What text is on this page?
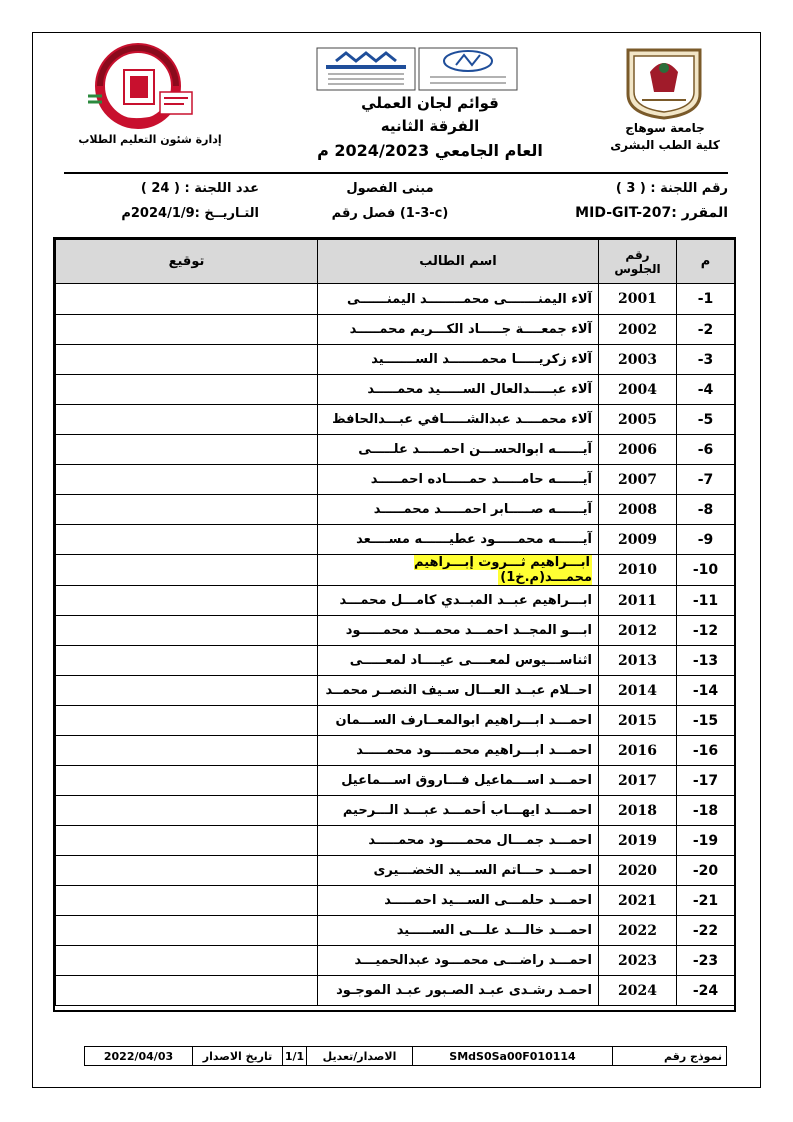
قوائم لجان العملي
الفرقة الثانيه
العام الجامعي 2024/2023 م
جامعة سوهاج
كلية الطب البشرى
إدارة شئون التعليم الطلاب
رقم اللجنة : ( 3 )
مبنى الفصول
عدد اللجنة : ( 24 )
المقرر :MID-GIT-207
فصل رقم (3-1-c)
التـاريــخ :2024/1/9م
توقيع	اسم الطالب	رقم
الجلوس	م
	آلاء اليمنـــــــى محمــــــــد اليمنــــــى	2001	-1
	آلاء جمعــــة جـــــاد الكـــريم محمـــــد	2002	-2
	آلاء زكريـــــا محمـــــــد الســـــــيد	2003	-3
	آلاء عبـــــدالعال الســـــيد محمـــــد	2004	-4
	آلاء محمــــد عبدالشـــــافي عبـــدالحافظ	2005	-5
	آيــــــه ابوالحســـن احمـــــد علـــــى	2006	-6
	آيــــــه حامـــــد حمـــــاده احمـــــد	2007	-7
	آيــــــه صـــــابر احمـــــد محمـــــد	2008	-8
	آيــــــه محمـــــود عطيــــــه مســــعد	2009	-9
	ابـــراهيم ثـــروت إبـــراهيم محمـــد(م.خ1)	2010	-10
	ابـــراهيم عبــد المبــدي كامـــل محمـــد	2011	-11
	ابـــو المجــد احمـــد محمـــد محمـــــود	2012	-12
	اثناســـيوس لمعــــى عيــــاد لمعـــــى	2013	-13
	احــلام عبــد العـــال سـيف النصــر محمــد	2014	-14
	احمـــد ابـــراهيم ابوالمعــارف الســـمان	2015	-15
	احمـــد ابـــراهيم محمـــــود محمـــــد	2016	-16
	احمـــد اســـماعيل فـــاروق اســـماعيل	2017	-17
	احمــــد ايهـــاب أحمـــد عبـــد الـــرحيم	2018	-18
	احمـــد جمـــال محمـــــود محمـــــد	2019	-19
	احمـــد حـــاتم الســـيد الخضـــيرى	2020	-20
	احمـــد حلمـــى الســـيد احمـــــد	2021	-21
	احمـــد خالـــد علـــى الســـــيد	2022	-22
	احمـــد راضـــى محمـــود عبدالحميـــد	2023	-23
	احمـد رشـدى عبـد الصـبور عبـد الموجـود	2024	-24
2022/04/03	تاريخ الاصدار	1/1	الاصدار/تعديل	SMdS0Sa00F010114	نموذج رقم
